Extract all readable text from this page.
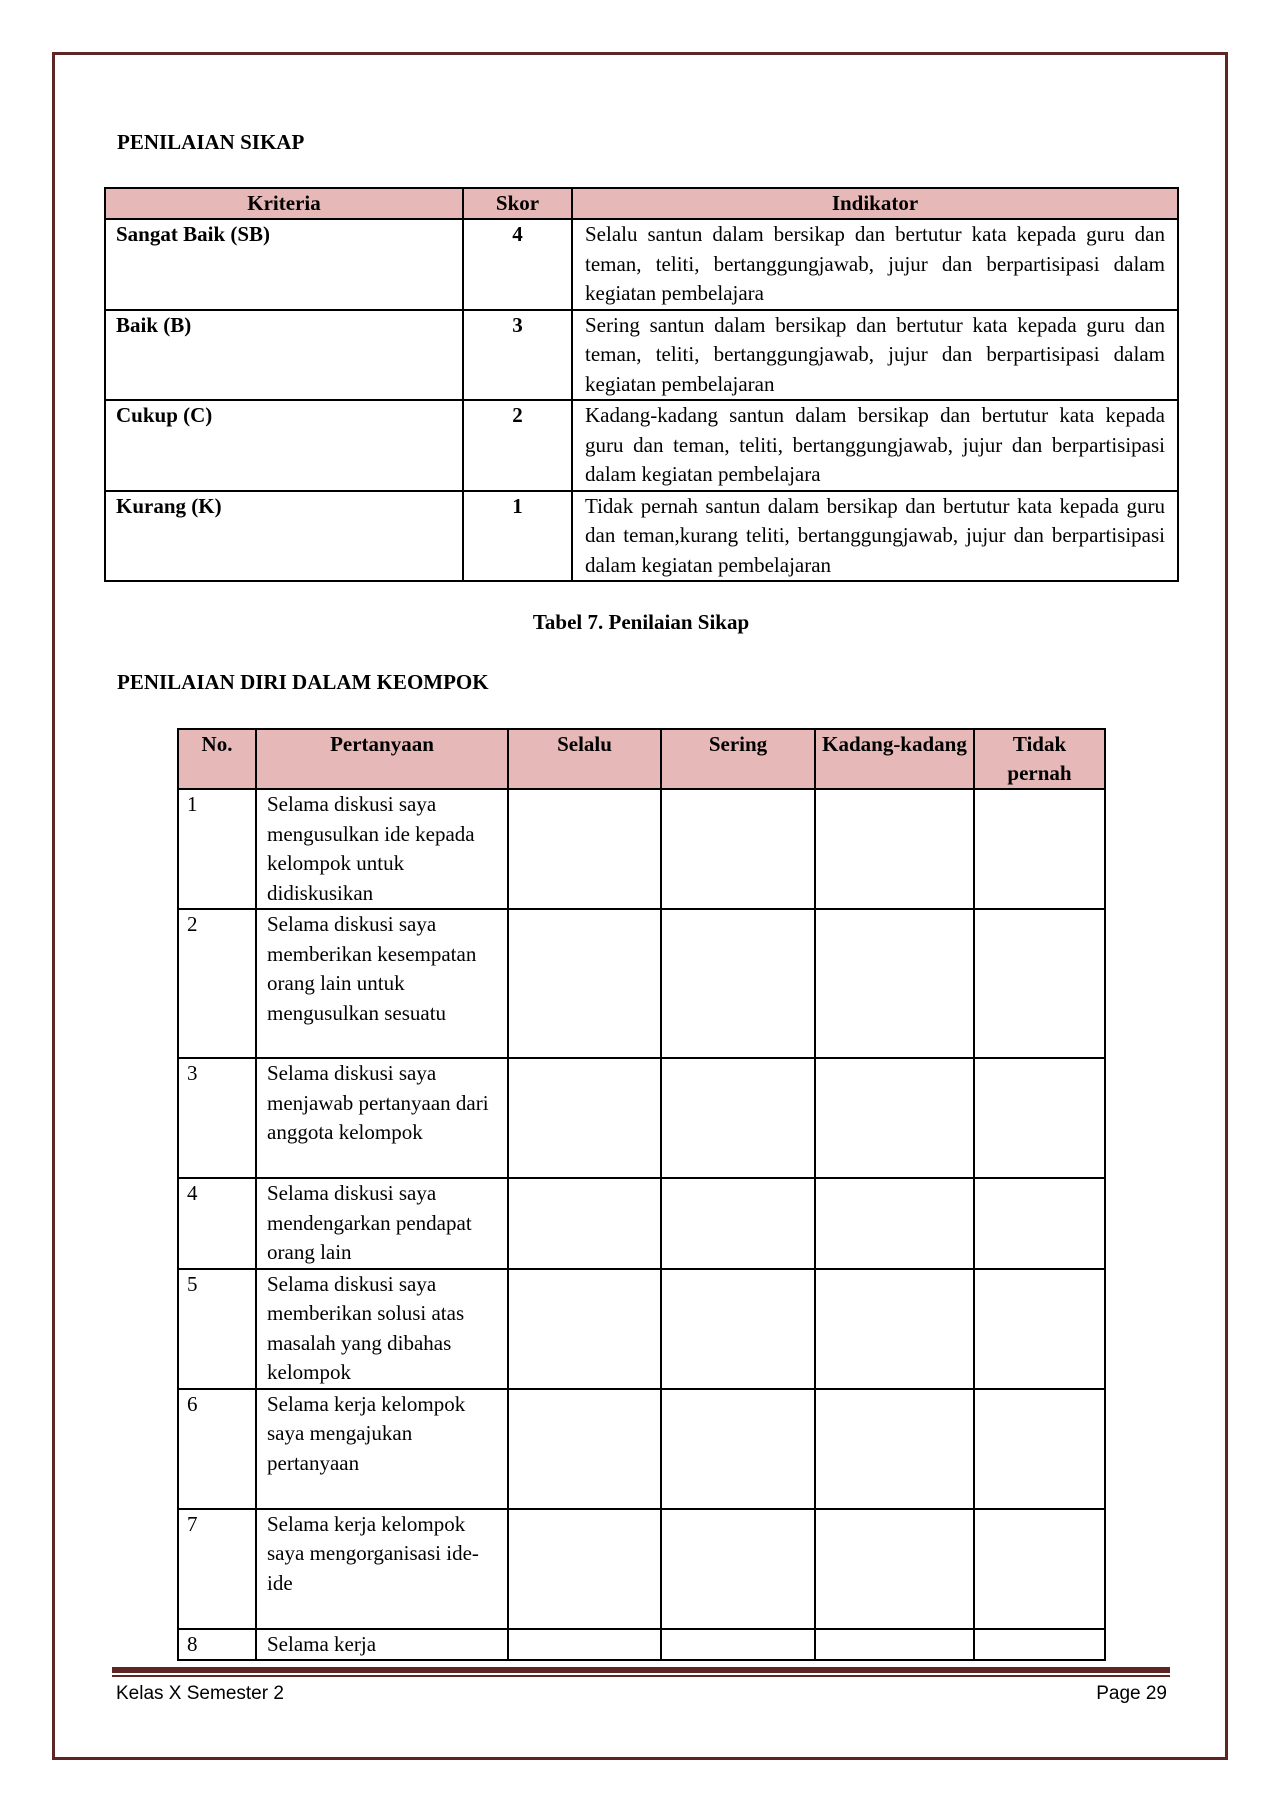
PENILAIAN SIKAP
Kriteria	Skor	Indikator
Sangat Baik (SB)	4	Selalu santun dalam bersikap dan bertutur kata kepada guru dan teman, teliti, bertanggungjawab, jujur dan berpartisipasi dalam kegiatan pembelajara
Baik (B)	3	Sering santun dalam bersikap dan bertutur kata kepada guru dan teman, teliti, bertanggungjawab, jujur dan berpartisipasi dalam kegiatan pembelajaran
Cukup (C)	2	Kadang-kadang santun dalam bersikap dan bertutur kata kepada guru dan teman, teliti, bertanggungjawab, jujur dan berpartisipasi dalam kegiatan pembelajara
Kurang (K)	1	Tidak pernah santun dalam bersikap dan bertutur kata kepada guru dan teman,kurang teliti, bertanggungjawab, jujur dan berpartisipasi dalam kegiatan pembelajaran
Tabel 7. Penilaian Sikap
PENILAIAN DIRI DALAM KEOMPOK
No.	Pertanyaan	Selalu	Sering	Kadang-kadang	Tidak pernah
1	Selama diskusi saya mengusulkan ide kepada kelompok untuk didiskusikan				
2	Selama diskusi saya memberikan kesempatan orang lain untuk mengusulkan sesuatu				
3	Selama diskusi saya menjawab pertanyaan dari anggota kelompok				
4	Selama diskusi saya mendengarkan pendapat orang lain				
5	Selama diskusi saya memberikan solusi atas masalah yang dibahas kelompok				
6	Selama kerja kelompok saya mengajukan pertanyaan				
7	Selama kerja kelompok saya mengorganisasi ide-ide				
8	Selama kerja				
Kelas X Semester 2	Page 29
